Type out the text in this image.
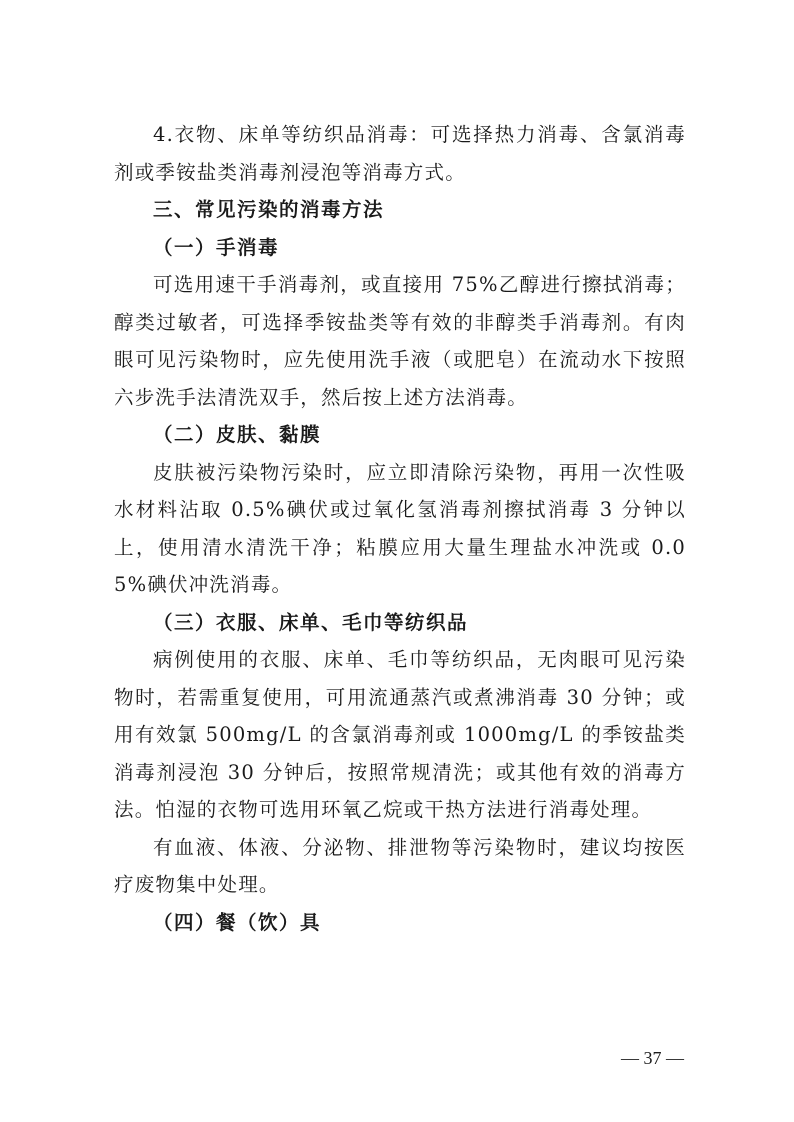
4.衣物、床单等纺织品消毒：可选择热力消毒、含氯消毒剂或季铵盐类消毒剂浸泡等消毒方式。

三、常见污染的消毒方法

（一）手消毒

可选用速干手消毒剂，或直接用 75%乙醇进行擦拭消毒；醇类过敏者，可选择季铵盐类等有效的非醇类手消毒剂。有肉眼可见污染物时，应先使用洗手液（或肥皂）在流动水下按照六步洗手法清洗双手，然后按上述方法消毒。

（二）皮肤、黏膜

皮肤被污染物污染时，应立即清除污染物，再用一次性吸水材料沾取 0.5%碘伏或过氧化氢消毒剂擦拭消毒 3 分钟以上，使用清水清洗干净；粘膜应用大量生理盐水冲洗或 0.05%碘伏冲洗消毒。

（三）衣服、床单、毛巾等纺织品

病例使用的衣服、床单、毛巾等纺织品，无肉眼可见污染物时，若需重复使用，可用流通蒸汽或煮沸消毒 30 分钟；或用有效氯 500mg/L 的含氯消毒剂或 1000mg/L 的季铵盐类消毒剂浸泡 30 分钟后，按照常规清洗；或其他有效的消毒方法。怕湿的衣物可选用环氧乙烷或干热方法进行消毒处理。

有血液、体液、分泌物、排泄物等污染物时，建议均按医疗废物集中处理。

（四）餐（饮）具

— 37 —
